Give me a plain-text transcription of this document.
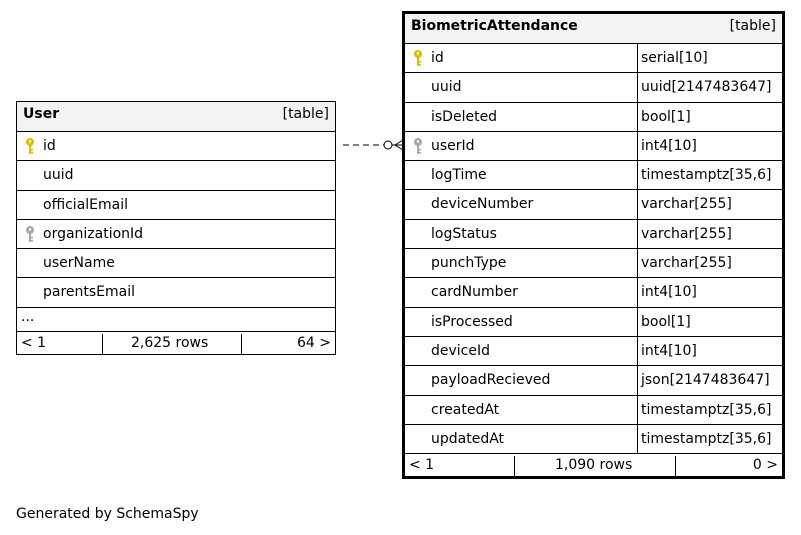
User	[table]
id
uuid
officialEmail
organizationId
userName
parentsEmail
...
< 1	2,625 rows	64 >
BiometricAttendance	[table]
id	serial[10]
uuid	uuid[2147483647]
isDeleted	bool[1]
userId	int4[10]
logTime	timestamptz[35,6]
deviceNumber	varchar[255]
logStatus	varchar[255]
punchType	varchar[255]
cardNumber	int4[10]
isProcessed	bool[1]
deviceId	int4[10]
payloadRecieved	json[2147483647]
createdAt	timestamptz[35,6]
updatedAt	timestamptz[35,6]
< 1	1,090 rows	0 >
Generated by SchemaSpy
